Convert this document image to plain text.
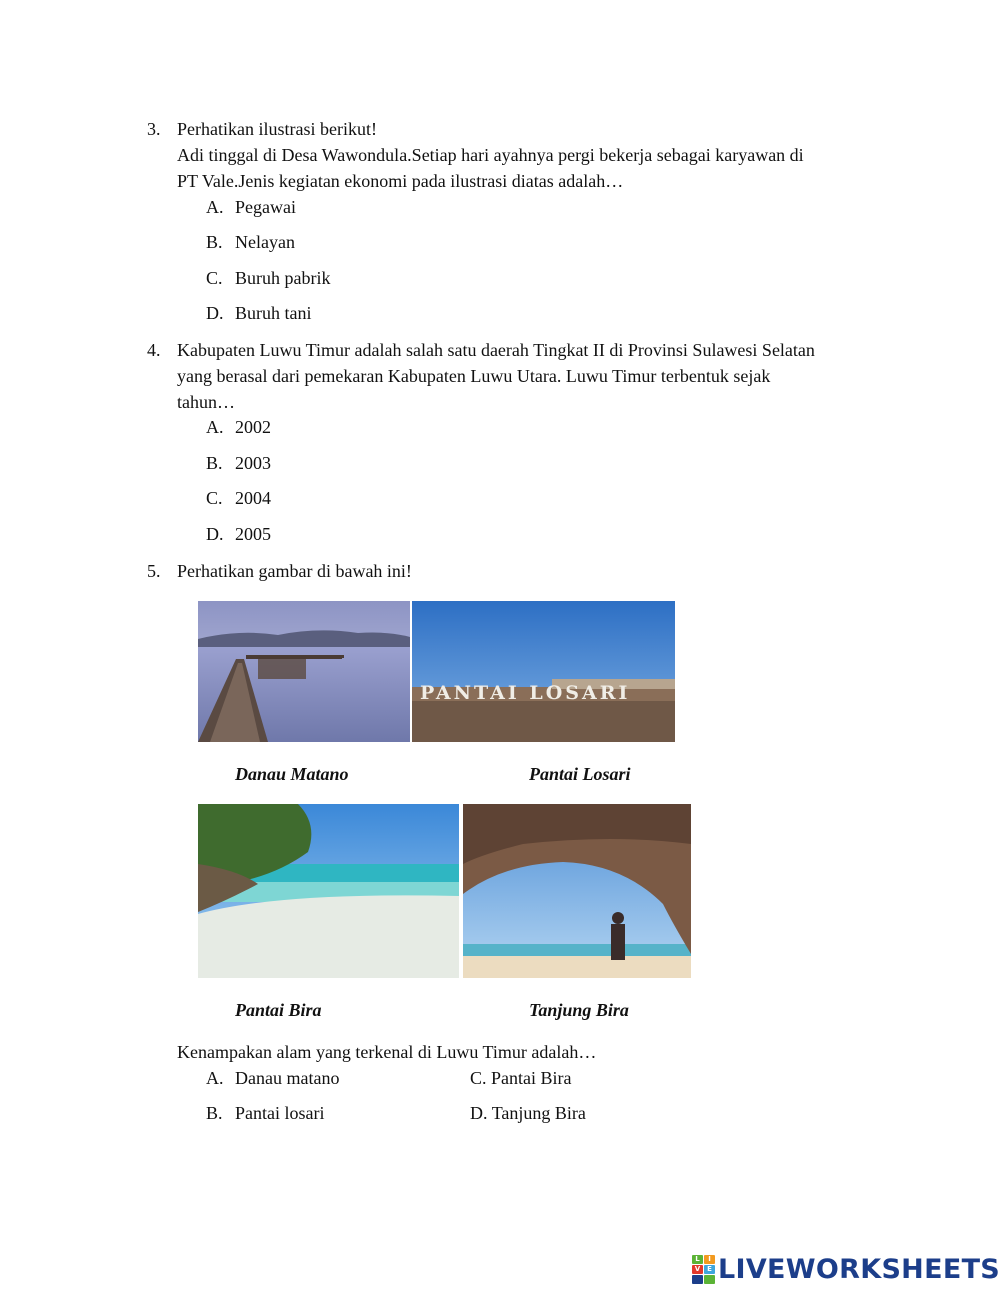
3. Perhatikan ilustrasi berikut!
Adi tinggal di Desa Wawondula.Setiap hari ayahnya pergi bekerja sebagai karyawan di
PT Vale.Jenis kegiatan ekonomi pada ilustrasi diatas adalah…
A. Pegawai
B. Nelayan
C. Buruh pabrik
D. Buruh tani
4. Kabupaten Luwu Timur adalah salah satu daerah Tingkat II di Provinsi Sulawesi Selatan
yang berasal dari pemekaran Kabupaten Luwu Utara. Luwu Timur terbentuk sejak
tahun…
A. 2002
B. 2003
C. 2004
D. 2005
5. Perhatikan gambar di bawah ini!
PANTAI LOSARI
Danau Matano	Pantai Losari
Pantai Bira	Tanjung Bira
Kenampakan alam yang terkenal di Luwu Timur adalah…
A. Danau matano	C. Pantai Bira
B. Pantai losari	D. Tanjung Bira
L	I
V E LIVEWORKSHEETS
